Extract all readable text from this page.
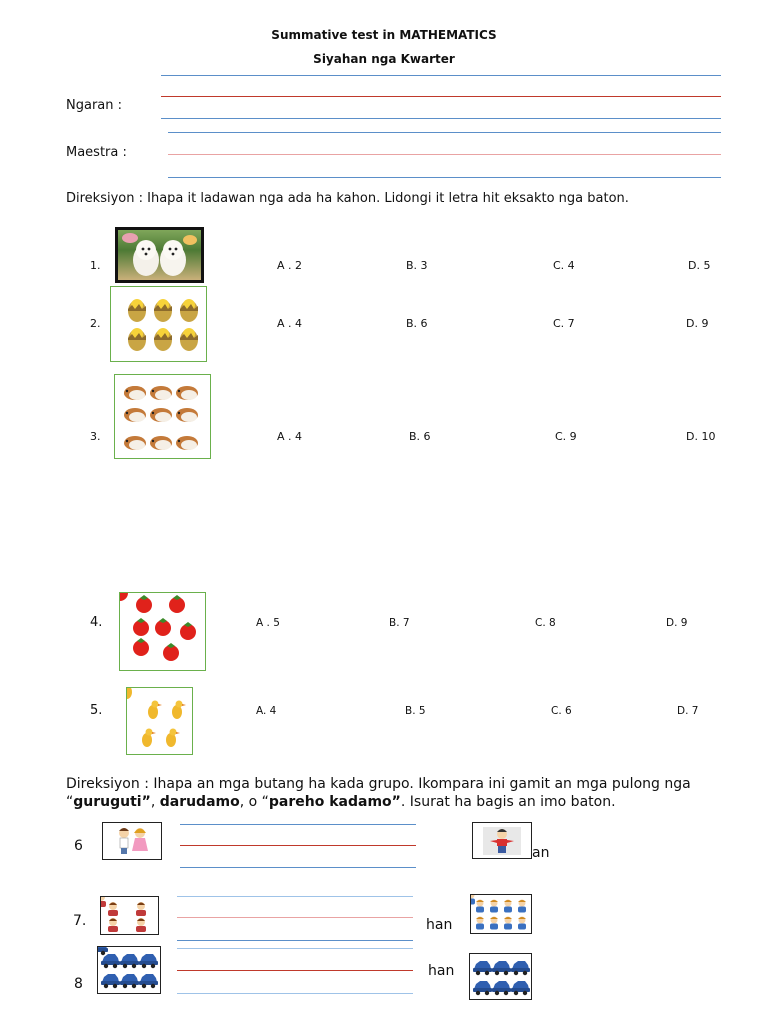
Summative test in MATHEMATICS
Siyahan nga Kwarter
Ngaran :
Maestra :
Direksiyon : Ihapa it ladawan nga ada ha kahon. Lidongi it letra hit eksakto nga baton.
1.	A . 2	B. 3	C. 4	D. 5
2.	A . 4	B. 6	C. 7	D. 9
3.	A . 4	B. 6	C. 9	D. 10
4.	A . 5	B. 7	C. 8	D. 9
5.	A. 4	B. 5	C. 6	D. 7
Direksiyon : Ihapa an mga butang ha kada grupo. Ikompara ini gamit an mga pulong nga
“guruguti”, darudamo, o “pareho kadamo”. Isurat ha bagis an imo baton.
6	an
7.	han
8
han
